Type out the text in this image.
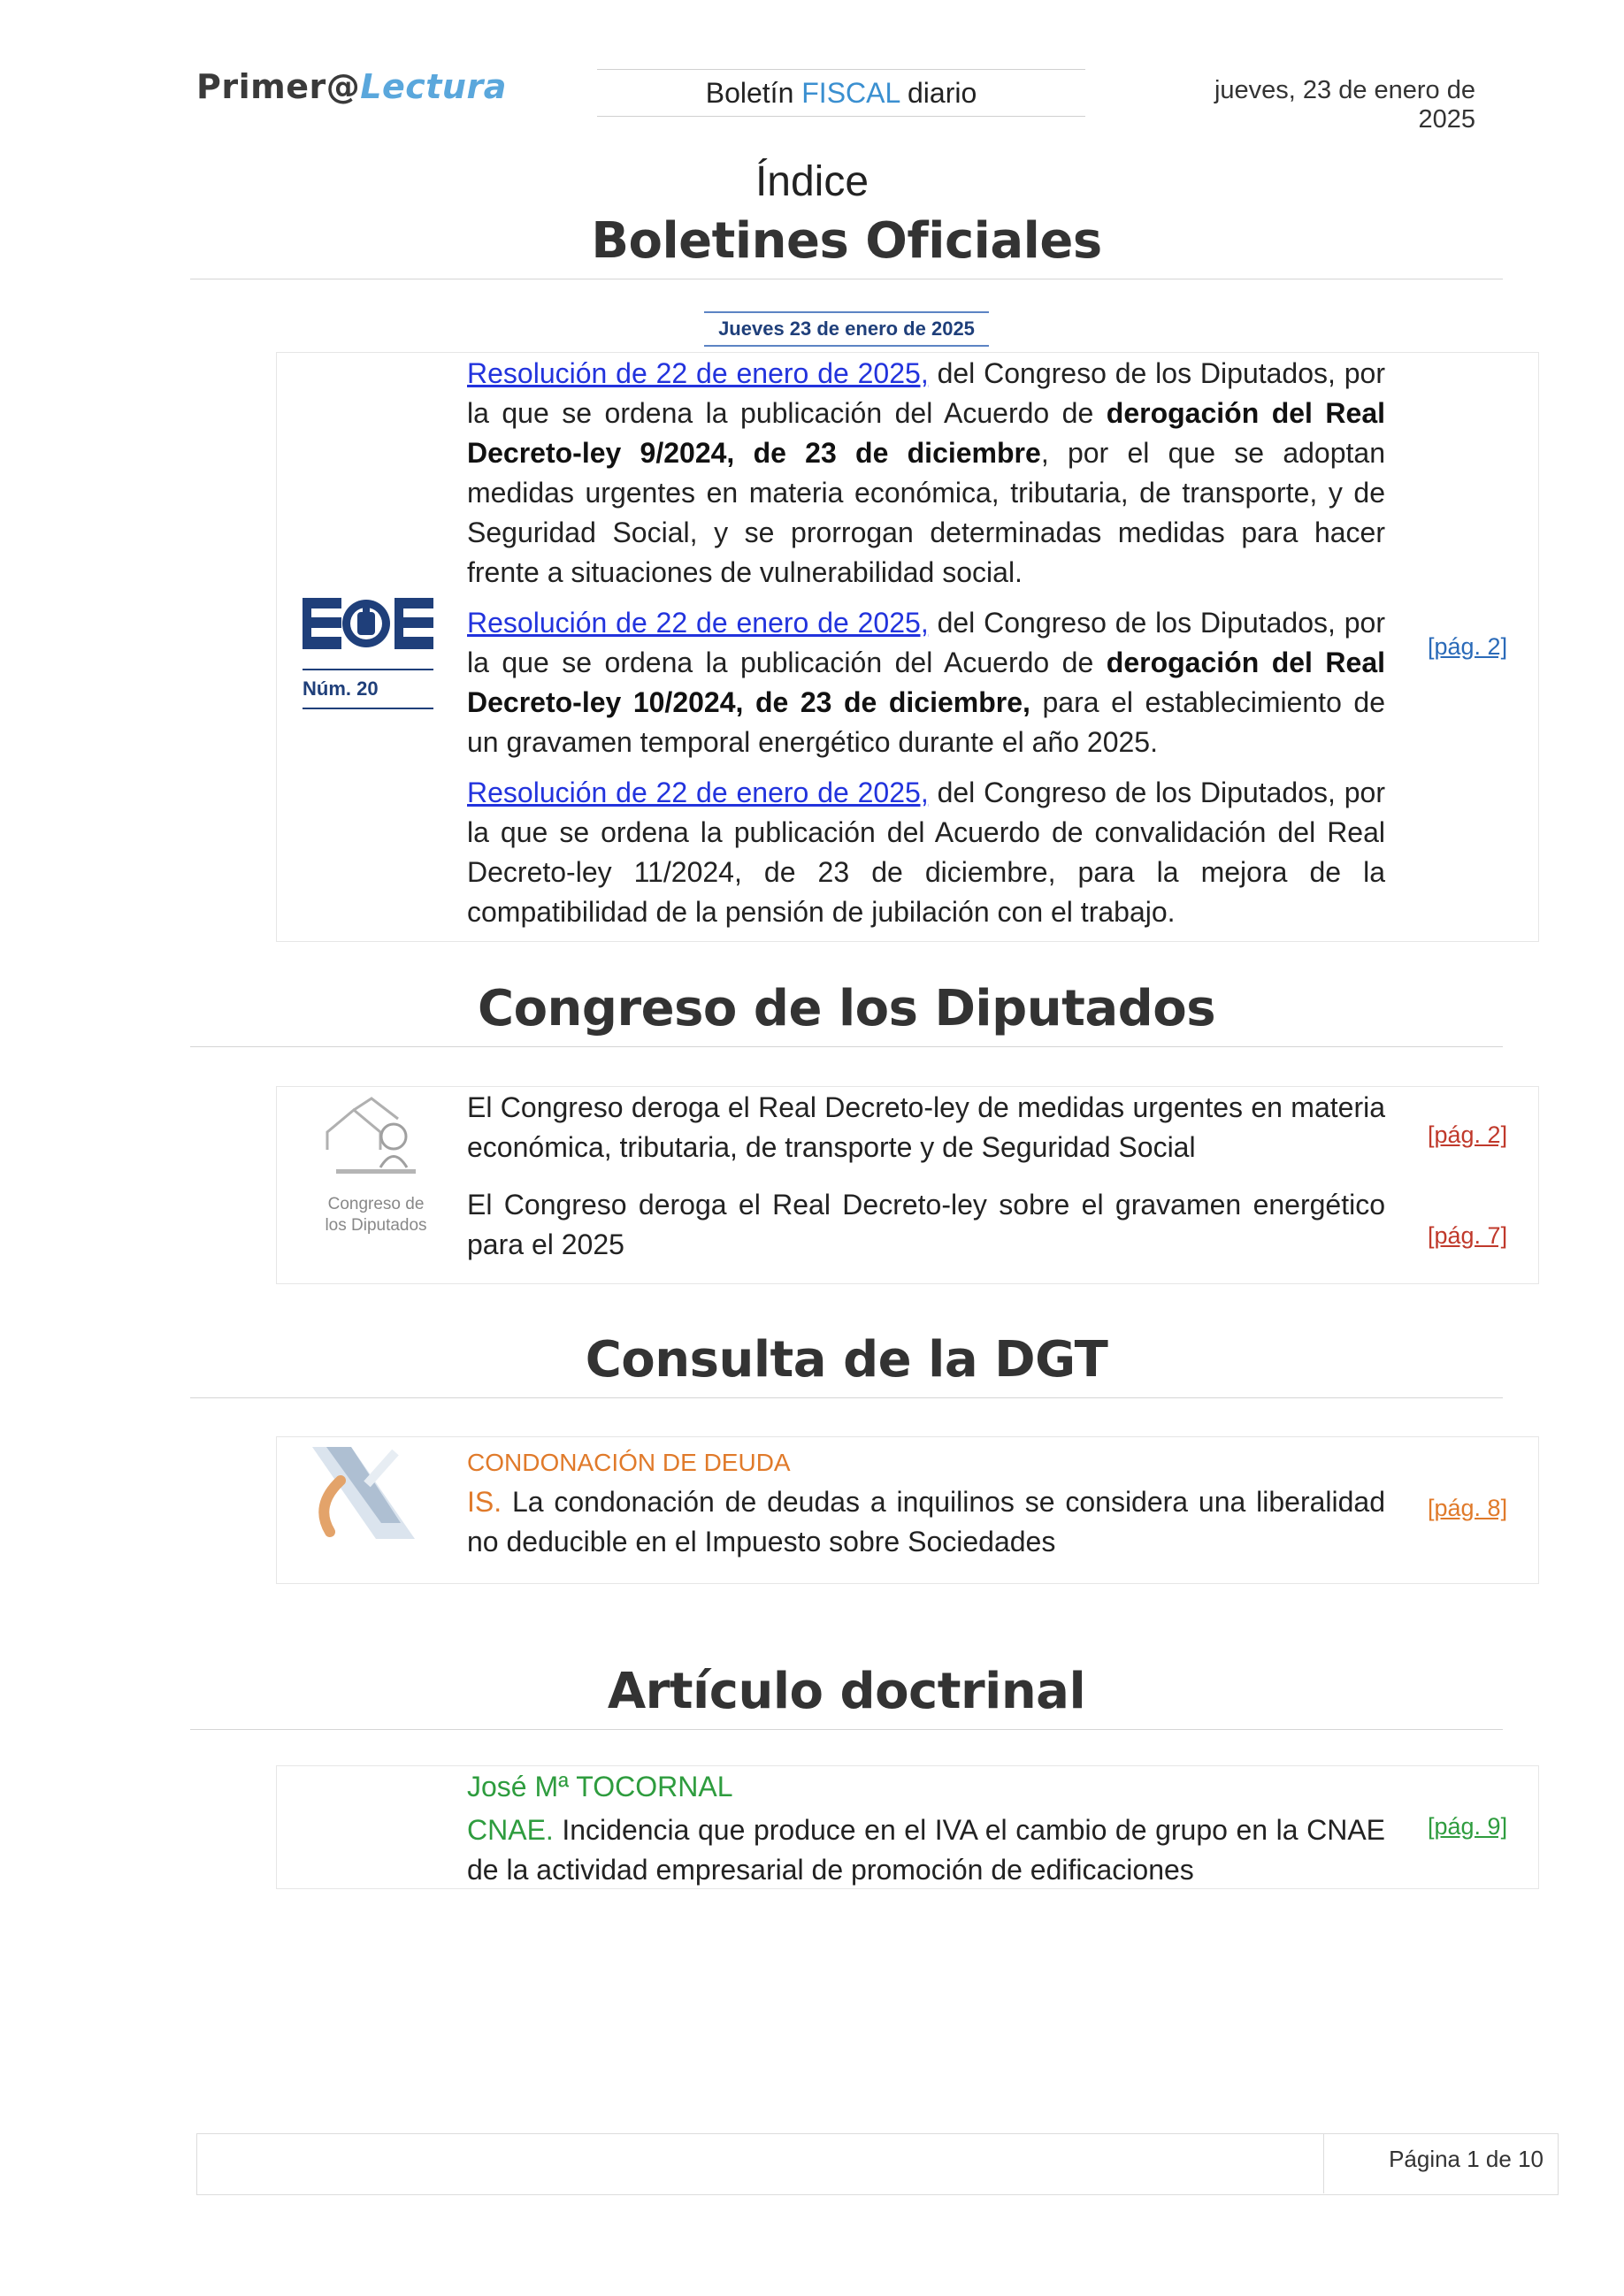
Primer@Lectura	Boletín FISCAL diario	jueves, 23 de enero de 2025
Índice
Boletines Oficiales
Jueves 23 de enero de 2025
Núm. 20
Resolución de 22 de enero de 2025, del Congreso de los Diputados, por la que se ordena la publicación del Acuerdo de derogación del Real Decreto-ley 9/2024, de 23 de diciembre, por el que se adoptan medidas urgentes en materia económica, tributaria, de transporte, y de Seguridad Social, y se prorrogan determinadas medidas para hacer frente a situaciones de vulnerabilidad social.
Resolución de 22 de enero de 2025, del Congreso de los Diputados, por la que se ordena la publicación del Acuerdo de derogación del Real Decreto-ley 10/2024, de 23 de diciembre, para el establecimiento de un gravamen temporal energético durante el año 2025.
Resolución de 22 de enero de 2025, del Congreso de los Diputados, por la que se ordena la publicación del Acuerdo de convalidación del Real Decreto-ley 11/2024, de 23 de diciembre, para la mejora de la compatibilidad de la pensión de jubilación con el trabajo.
[pág. 2]
Congreso de los Diputados
Congreso de
los Diputados
El Congreso deroga el Real Decreto-ley de medidas urgentes en materia económica, tributaria, de transporte y de Seguridad Social
El Congreso deroga el Real Decreto-ley sobre el gravamen energético para el 2025
[pág. 2]
[pág. 7]
Consulta de la DGT
CONDONACIÓN DE DEUDA
IS. La condonación de deudas a inquilinos se considera una liberalidad no deducible en el Impuesto sobre Sociedades
[pág. 8]
Artículo doctrinal
José Mª TOCORNAL
CNAE. Incidencia que produce en el IVA el cambio de grupo en la CNAE de la actividad empresarial de promoción de edificaciones
[pág. 9]
Página 1 de 10
